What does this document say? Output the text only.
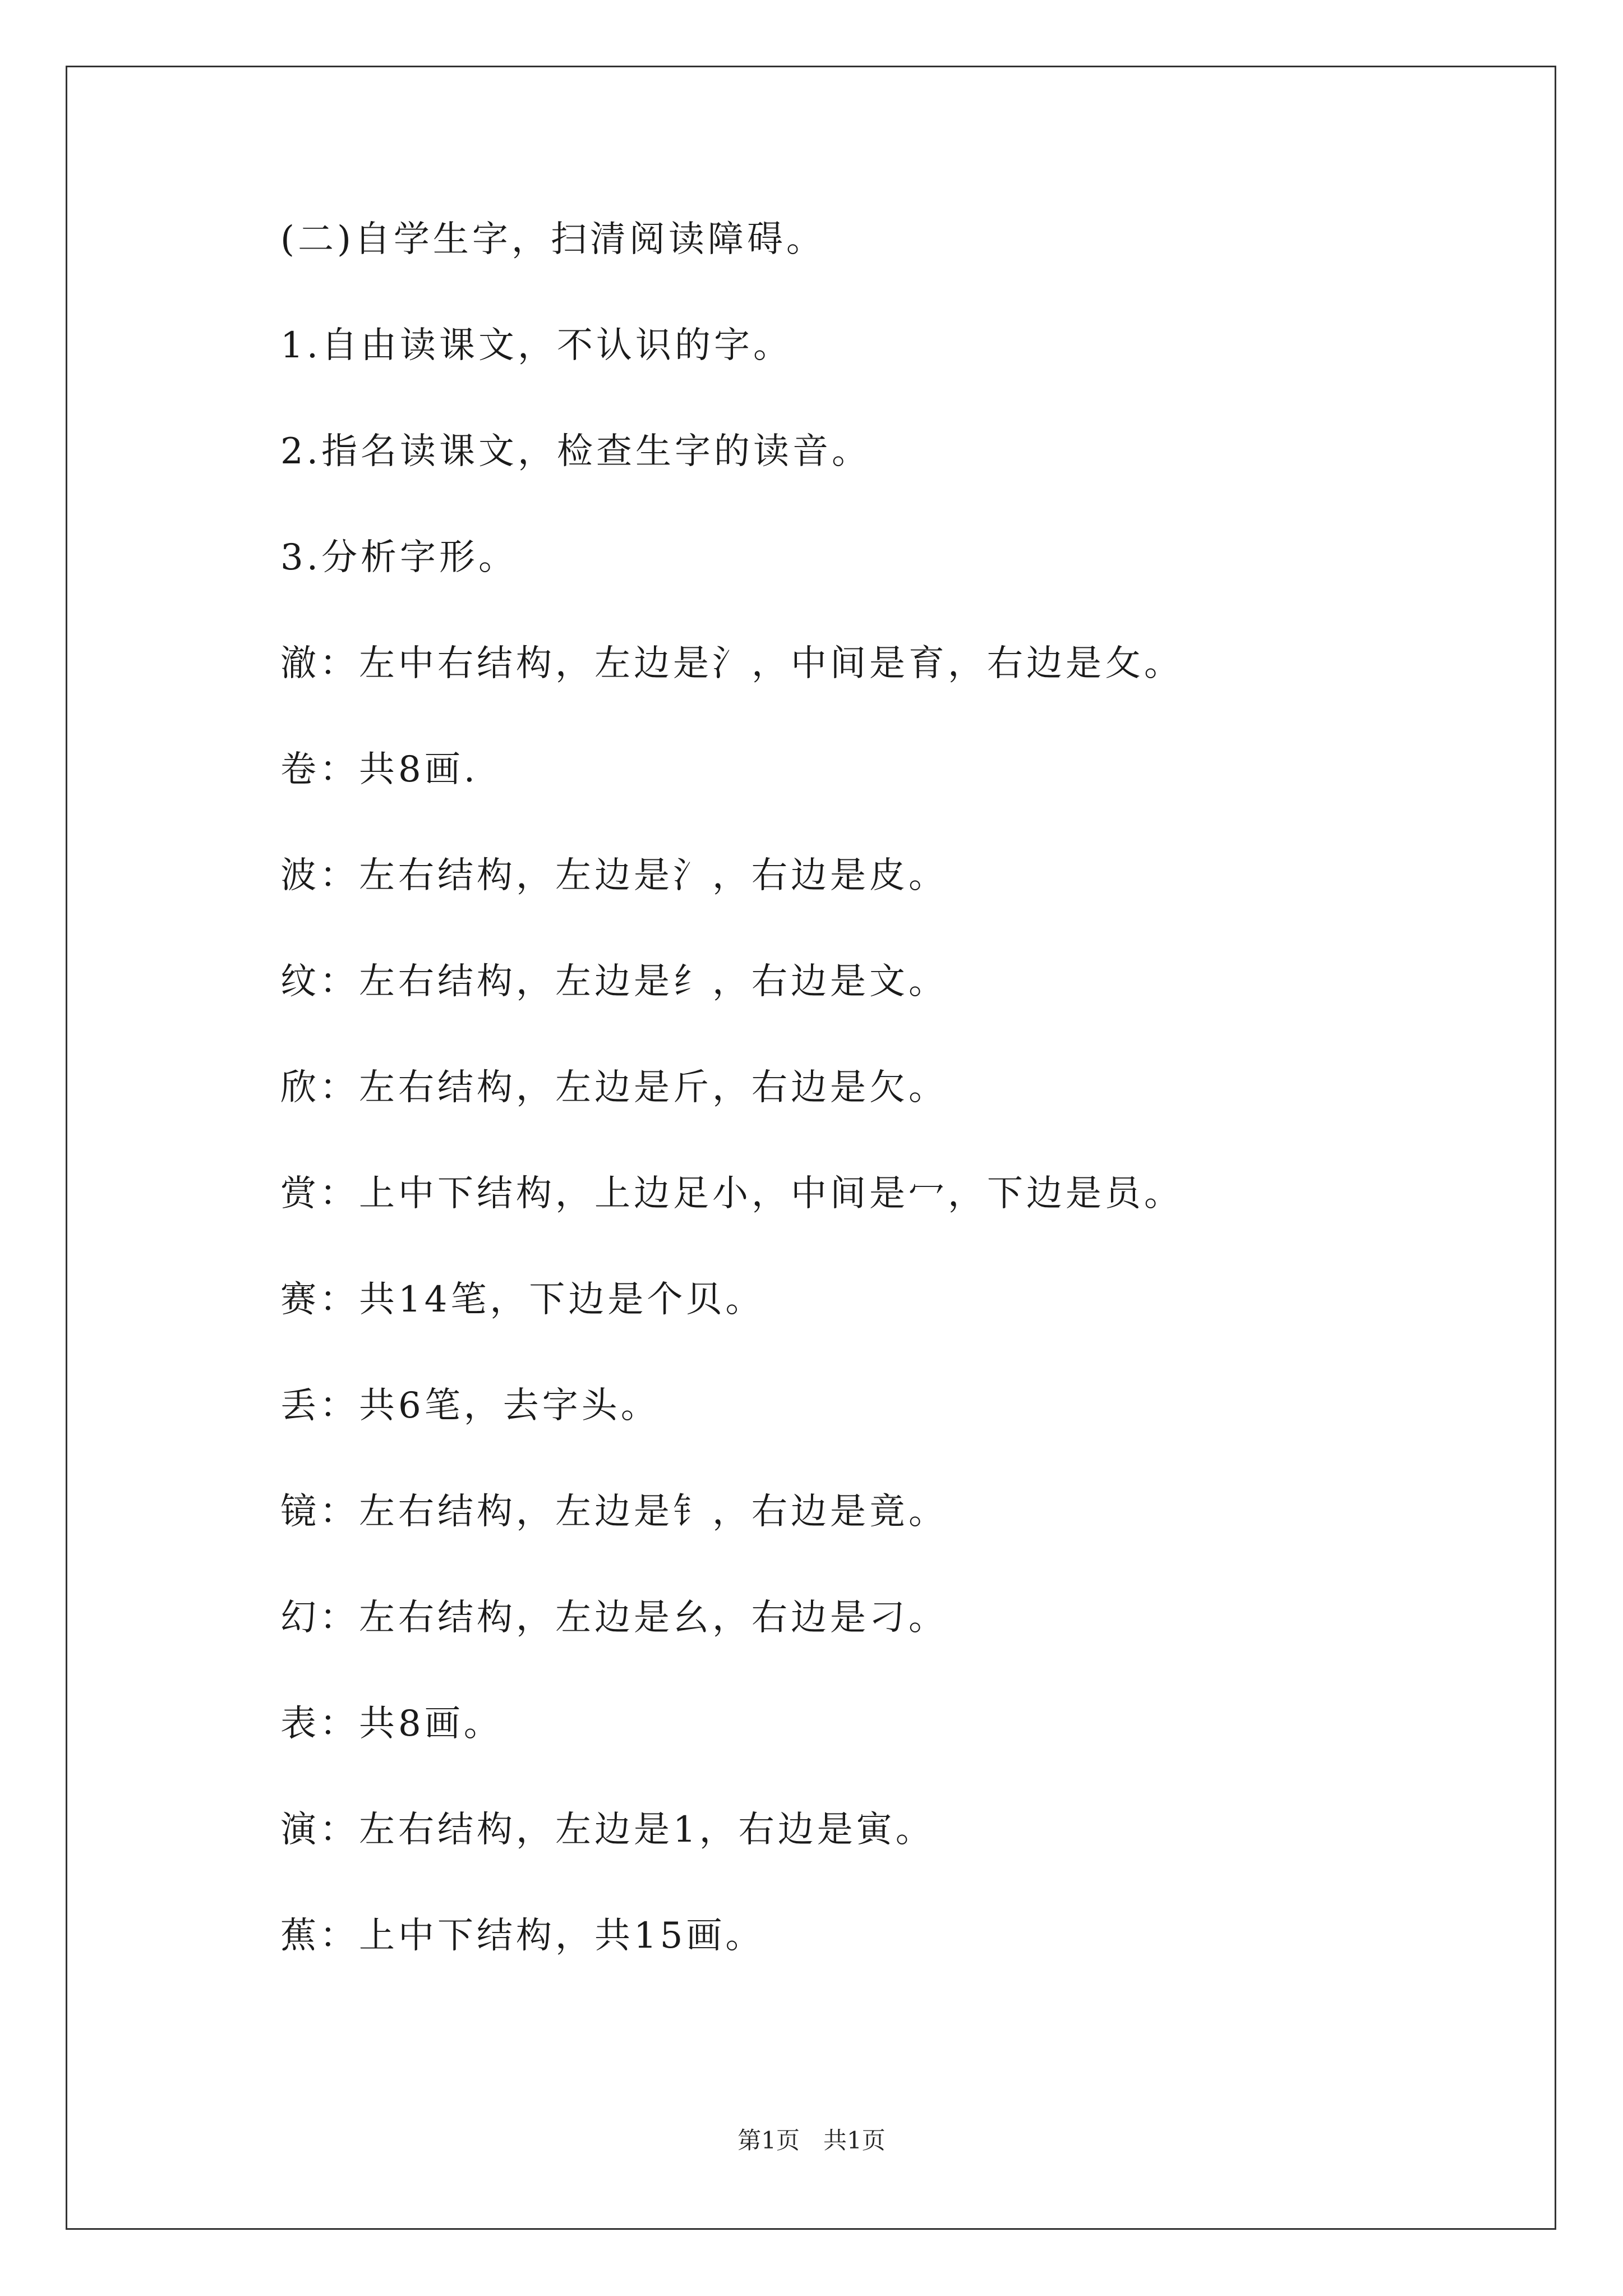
(二)自学生字，扫清阅读障碍。
1.自由读课文，不认识的字。
2.指名读课文，检查生字的读音。
3.分析字形。
澈：左中右结构，左边是氵，中间是育，右边是攵。
卷：共8画.
波：左右结构，左边是氵，右边是皮。
纹：左右结构，左边是纟，右边是文。
欣：左右结构，左边是斤，右边是欠。
赏：上中下结构，上边足小，中间是冖，下边是员。
赛：共14笔，下边是个贝。
丢：共6笔，去字头。
镜：左右结构，左边是钅，右边是竟。
幻：左右结构，左边是幺，右边是刁。
表：共8画。
演：左右结构，左边是1，右边是寅。
蕉：上中下结构，共15画。
第1页　共1页
